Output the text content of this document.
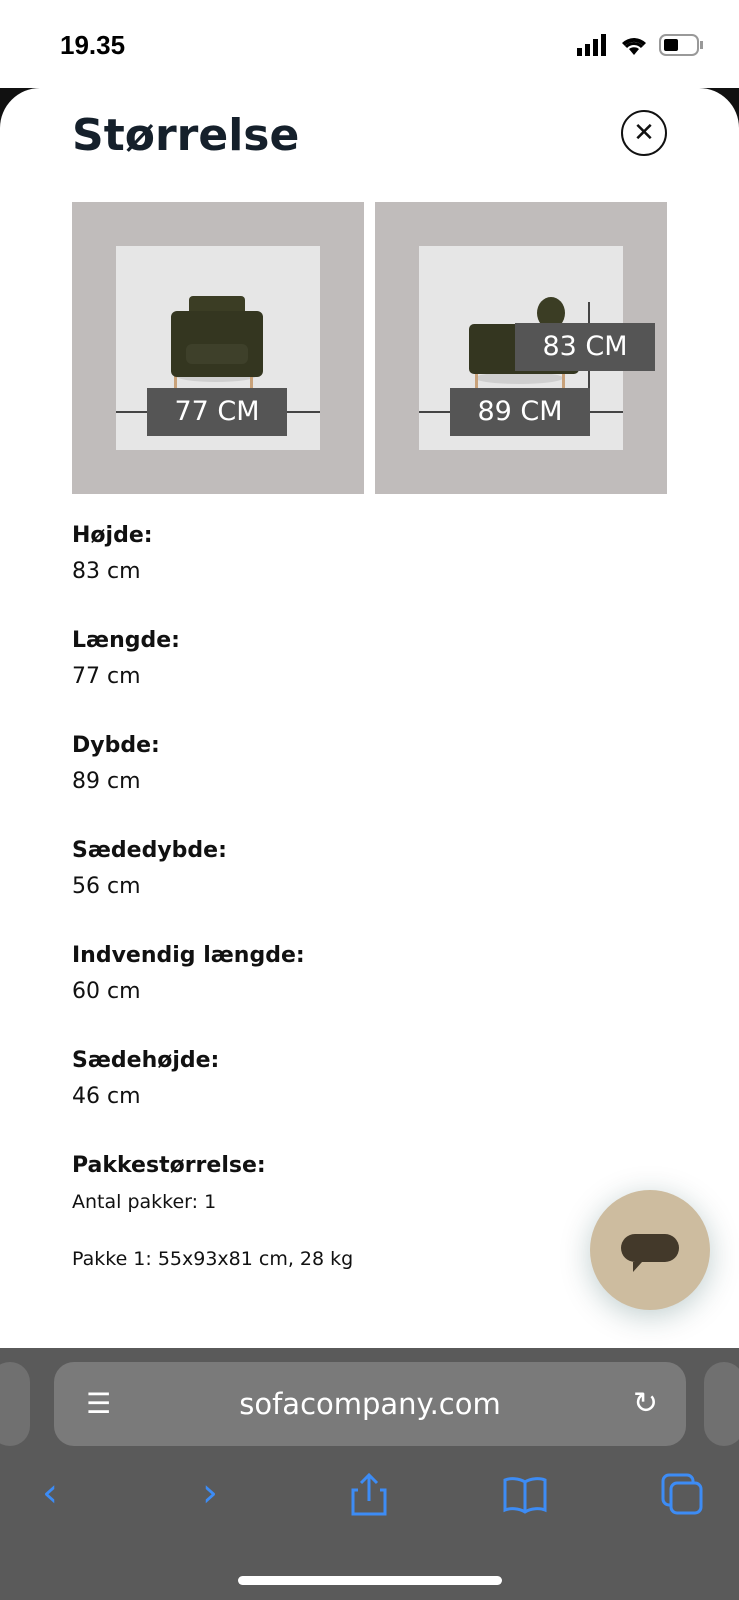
19.35
Størrelse	✕
77 CM	89 CM
83 CM
Højde:
83 cm
Længde:
77 cm
Dybde:
89 cm
Sædedybde:
56 cm
Indvendig længde:
60 cm
Sædehøjde:
46 cm
Pakkestørrelse:
Antal pakker: 1
Pakke 1: 55x93x81 cm, 28 kg
☰	sofacompany.com	↻
‹	›
